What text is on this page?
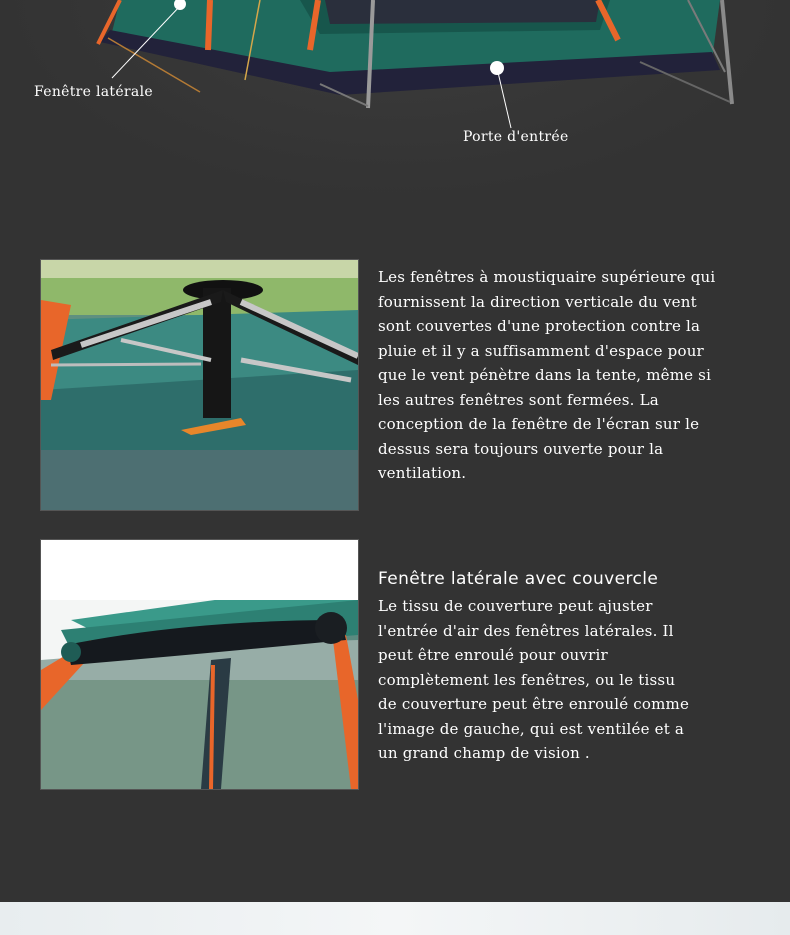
Fenêtre latérale
Porte d'entrée
Les fenêtres à moustiquaire supérieure qui
fournissent la direction verticale du vent
sont couvertes d'une protection contre la
pluie et il y a suffisamment d'espace pour
que le vent pénètre dans la tente, même si
les autres fenêtres sont fermées. La
conception de la fenêtre de l'écran sur le
dessus sera toujours ouverte pour la
ventilation.
Fenêtre latérale avec couvercle
Le tissu de couverture peut ajuster
l'entrée d'air des fenêtres latérales. Il
peut être enroulé pour ouvrir
complètement les fenêtres, ou le tissu
de couverture peut être enroulé comme
l'image de gauche, qui est ventilée et a
un grand champ de vision .
